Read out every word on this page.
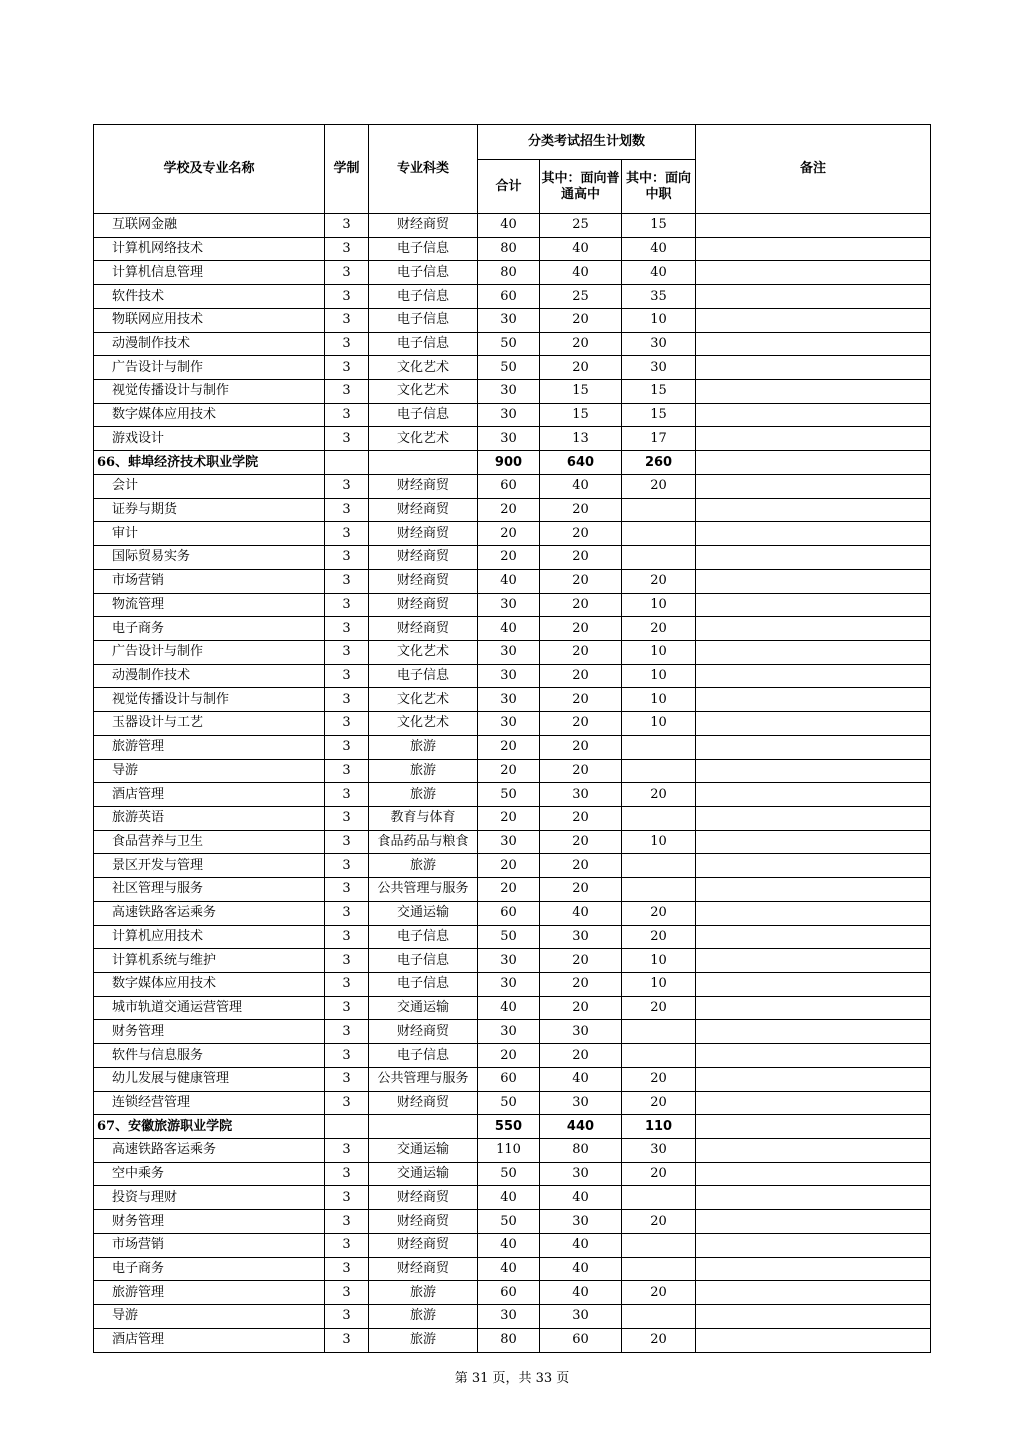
学校及专业名称	学制	专业科类	分类考试招生计划数			备注
			合计	其中：面向普通高中	其中：面向中职	
互联网金融	3	财经商贸	40	25	15	
计算机网络技术	3	电子信息	80	40	40	
计算机信息管理	3	电子信息	80	40	40	
软件技术	3	电子信息	60	25	35	
物联网应用技术	3	电子信息	30	20	10	
动漫制作技术	3	电子信息	50	20	30	
广告设计与制作	3	文化艺术	50	20	30	
视觉传播设计与制作	3	文化艺术	30	15	15	
数字媒体应用技术	3	电子信息	30	15	15	
游戏设计	3	文化艺术	30	13	17	
66、蚌埠经济技术职业学院			900	640	260	
会计	3	财经商贸	60	40	20	
证券与期货	3	财经商贸	20	20		
审计	3	财经商贸	20	20		
国际贸易实务	3	财经商贸	20	20		
市场营销	3	财经商贸	40	20	20	
物流管理	3	财经商贸	30	20	10	
电子商务	3	财经商贸	40	20	20	
广告设计与制作	3	文化艺术	30	20	10	
动漫制作技术	3	电子信息	30	20	10	
视觉传播设计与制作	3	文化艺术	30	20	10	
玉器设计与工艺	3	文化艺术	30	20	10	
旅游管理	3	旅游	20	20		
导游	3	旅游	20	20		
酒店管理	3	旅游	50	30	20	
旅游英语	3	教育与体育	20	20		
食品营养与卫生	3	食品药品与粮食	30	20	10	
景区开发与管理	3	旅游	20	20		
社区管理与服务	3	公共管理与服务	20	20		
高速铁路客运乘务	3	交通运输	60	40	20	
计算机应用技术	3	电子信息	50	30	20	
计算机系统与维护	3	电子信息	30	20	10	
数字媒体应用技术	3	电子信息	30	20	10	
城市轨道交通运营管理	3	交通运输	40	20	20	
财务管理	3	财经商贸	30	30		
软件与信息服务	3	电子信息	20	20		
幼儿发展与健康管理	3	公共管理与服务	60	40	20	
连锁经营管理	3	财经商贸	50	30	20	
67、安徽旅游职业学院			550	440	110	
高速铁路客运乘务	3	交通运输	110	80	30	
空中乘务	3	交通运输	50	30	20	
投资与理财	3	财经商贸	40	40		
财务管理	3	财经商贸	50	30	20	
市场营销	3	财经商贸	40	40		
电子商务	3	财经商贸	40	40		
旅游管理	3	旅游	60	40	20	
导游	3	旅游	30	30		
酒店管理	3	旅游	80	60	20	
第 31 页，共 33 页
